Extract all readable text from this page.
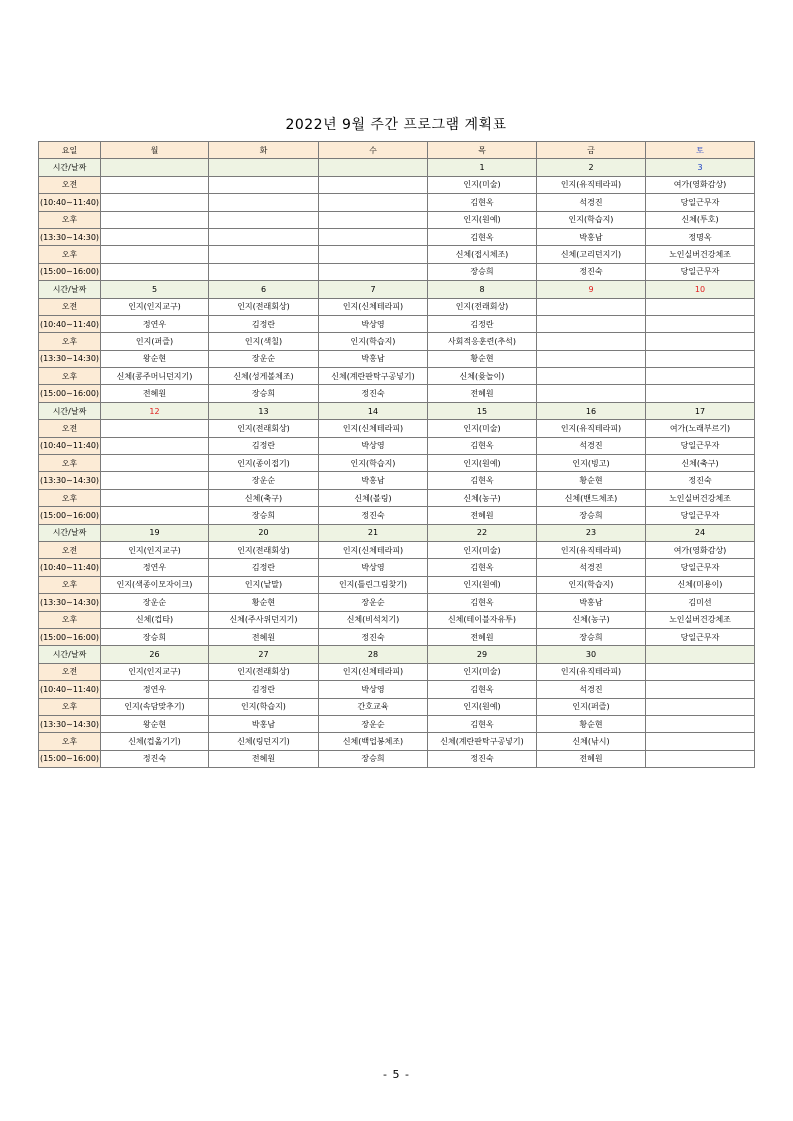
2022년 9월 주간 프로그램 계획표
요일	월	화	수	목	금	토
시간/날짜				1	2	3
오전				인지(미술)	인지(유직테라피)	여가(영화감상)
(10:40~11:40)				김현옥	석경진	당일근무자
오후				인지(원예)	인지(학습지)	신체(투호)
(13:30~14:30)				김현옥	박홍남	정명옥
오후				신체(접시체조)	신체(고리던지기)	노인실버건강체조
(15:00~16:00)				장승희	정진숙	당일근무자
시간/날짜	5	6	7	8	9	10
오전	인지(인지교구)	인지(전래회상)	인지(신체테라피)	인지(전래회상)		
(10:40~11:40)	정연우	김정란	박상영	김정란		
오후	인지(퍼즐)	인지(색칠)	인지(학습지)	사회적응훈련(추석)		
(13:30~14:30)	왕순현	장운순	박홍남	황순현		
오후	신체(콩주머니던지기)	신체(성게볼체조)	신체(계란판탁구공넣기)	신체(윷놀이)		
(15:00~16:00)	전혜원	장승희	정진숙	전혜원		
시간/날짜	12	13	14	15	16	17
오전		인지(전래회상)	인지(신체테라피)	인지(미술)	인지(유직테라피)	여가(노래부르기)
(10:40~11:40)		김정란	박상영	김현옥	석경진	당일근무자
오후		인지(종이접기)	인지(학습지)	인지(원예)	인지(빙고)	신체(축구)
(13:30~14:30)		장운순	박홍남	김현옥	황순현	정진숙
오후		신체(축구)	신체(볼링)	신체(농구)	신체(밴드체조)	노인실버건강체조
(15:00~16:00)		장승희	정진숙	전혜원	장승희	당일근무자
시간/날짜	19	20	21	22	23	24
오전	인지(인지교구)	인지(전래회상)	인지(신체테라피)	인지(미술)	인지(유직테라피)	여가(영화감상)
(10:40~11:40)	정연우	김정란	박상영	김현옥	석경진	당일근무자
오후	인지(색종이모자이크)	인지(낱말)	인지(틀린그림찾기)	인지(원예)	인지(학습지)	신체(미용이)
(13:30~14:30)	장운순	황순현	장운순	김현옥	박홍남	김미선
오후	신체(컵타)	신체(주사위던지기)	신체(비석치기)	신체(테이블자유투)	신체(농구)	노인실버건강체조
(15:00~16:00)	장승희	전혜원	정진숙	전혜원	장승희	당일근무자
시간/날짜	26	27	28	29	30	
오전	인지(인지교구)	인지(전래회상)	인지(신체테라피)	인지(미술)	인지(유직테라피)	
(10:40~11:40)	정연우	김정란	박상영	김현옥	석경진	
오후	인지(속담맞추기)	인지(학습지)	간호교육	인지(원예)	인지(퍼즐)	
(13:30~14:30)	왕순현	박홍남	장운순	김현옥	황순현	
오후	신체(컵옮기기)	신체(링던지기)	신체(백업봉체조)	신체(계란판탁구공넣기)	신체(낚시)	
(15:00~16:00)	정진숙	전혜원	장승희	정진숙	전혜원	
- 5 -
